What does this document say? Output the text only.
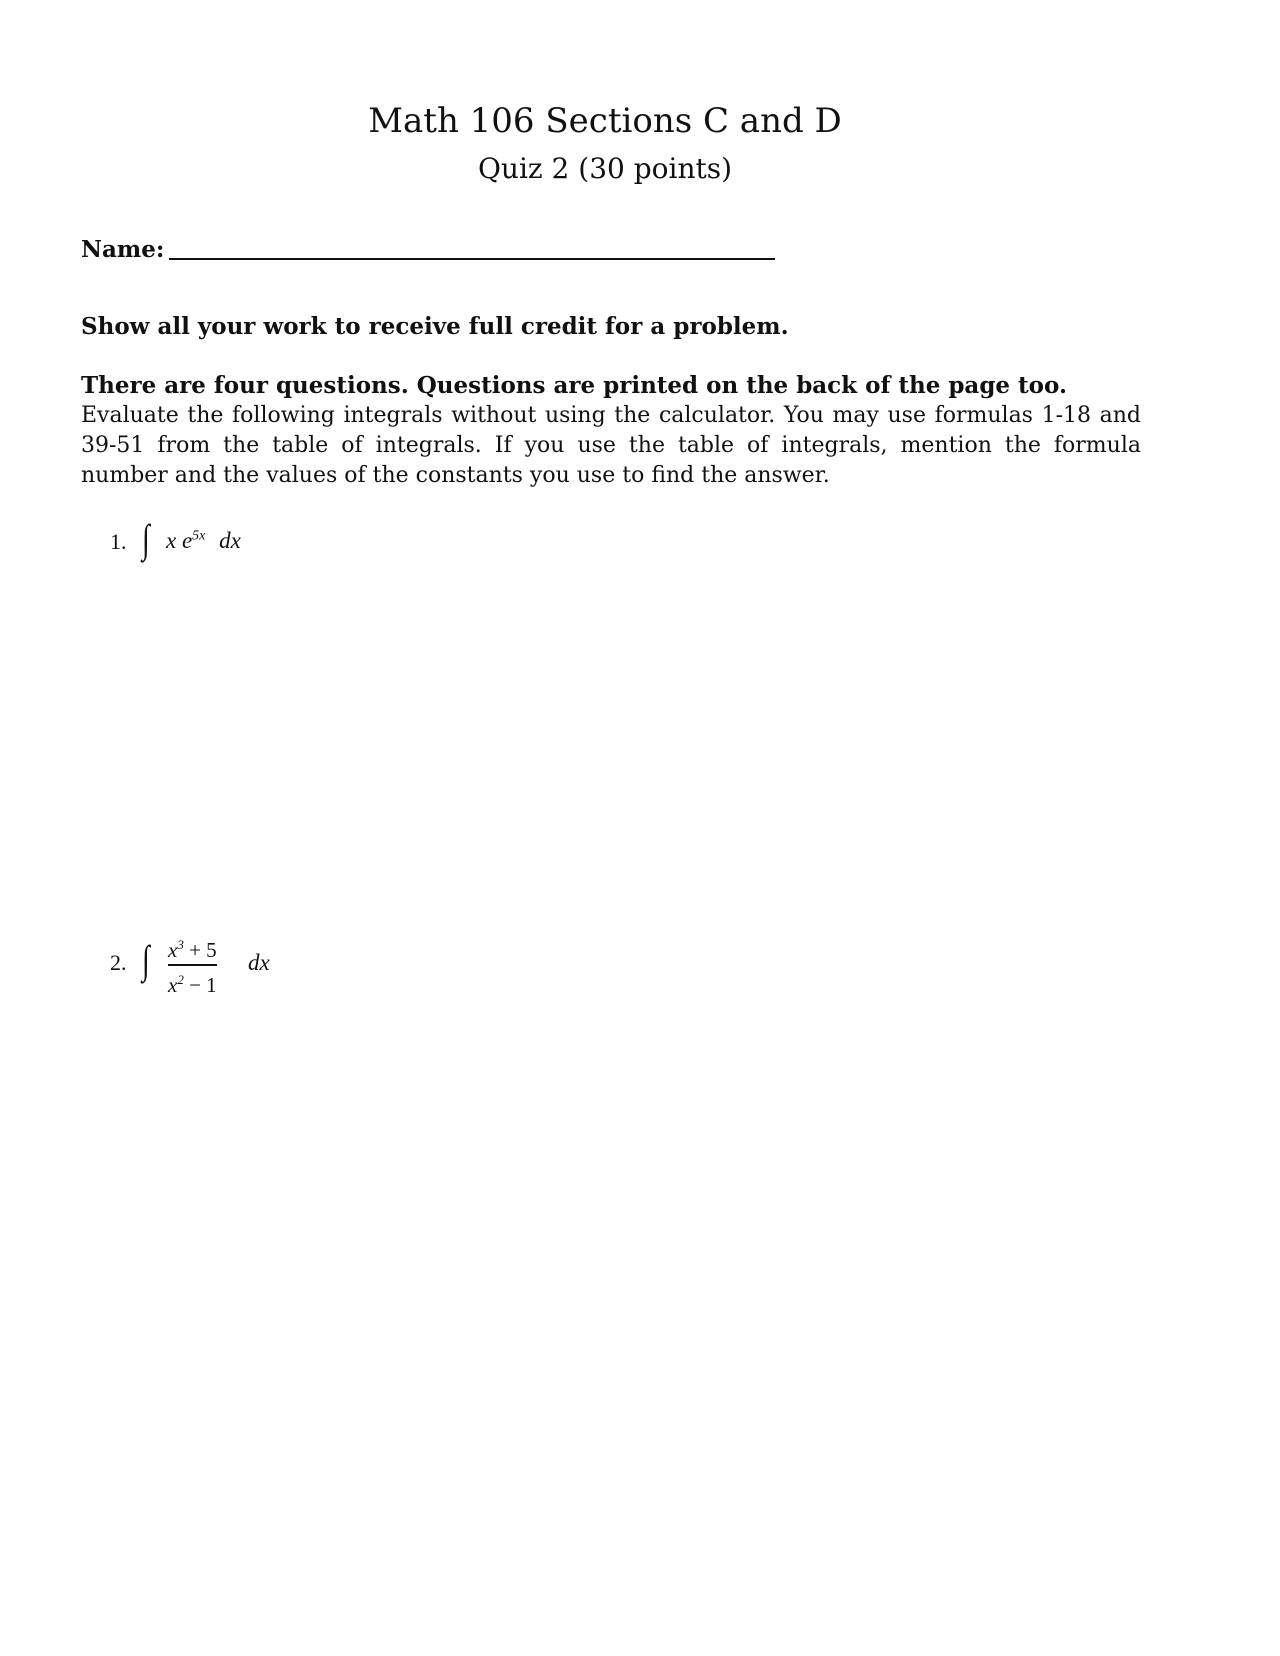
Math 106 Sections C and D
Quiz 2 (30 points)
Name:
Show all your work to receive full credit for a problem.
There are four questions. Questions are printed on the back of the page too.
Evaluate the following integrals without using the calculator. You may use formulas 1-18 and 39-51 from the table of integrals. If you use the table of integrals, mention the formula number and the values of the constants you use to find the answer.
1. ∫ x $e^{5x}$ dx
2. ∫ $x^3 + 5$
$x^2 - 1$
dx
